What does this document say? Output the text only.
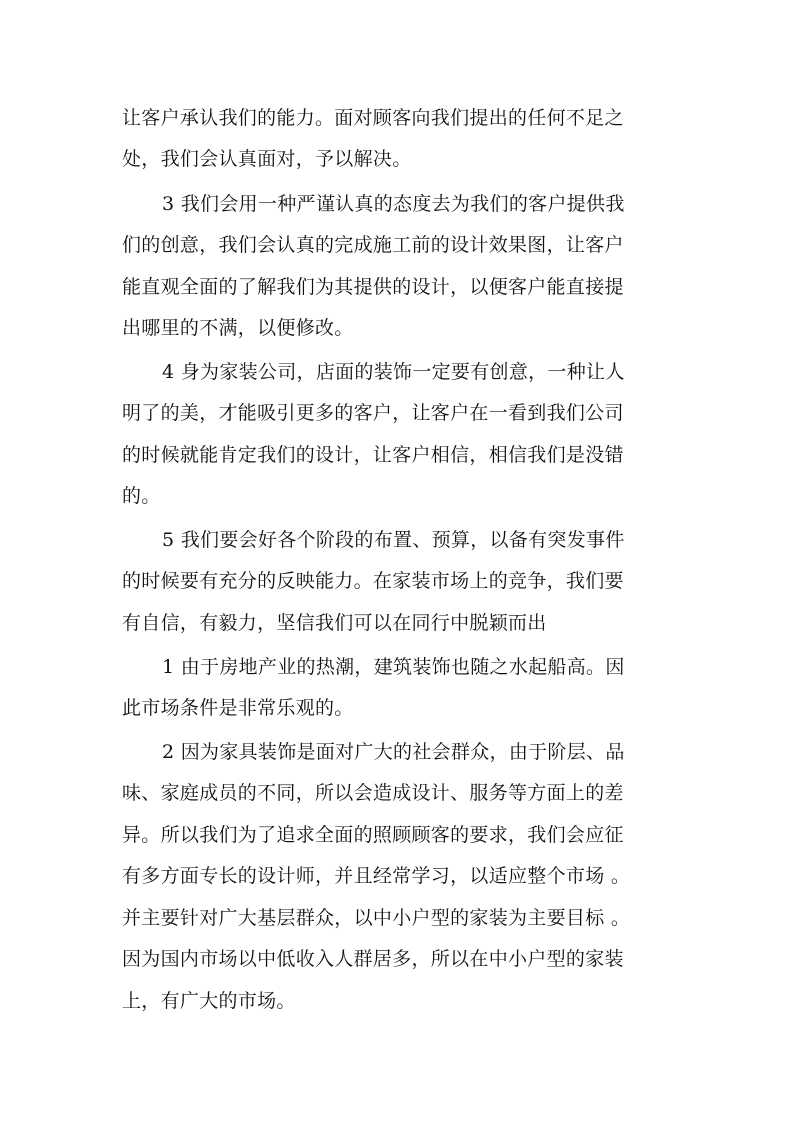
让客户承认我们的能力。面对顾客向我们提出的任何不足之
处，我们会认真面对，予以解决。
3 我们会用一种严谨认真的态度去为我们的客户提供我
们的创意，我们会认真的完成施工前的设计效果图，让客户
能直观全面的了解我们为其提供的设计，以便客户能直接提
出哪里的不满，以便修改。
4 身为家装公司，店面的装饰一定要有创意，一种让人
明了的美，才能吸引更多的客户，让客户在一看到我们公司
的时候就能肯定我们的设计，让客户相信，相信我们是没错
的。
5 我们要会好各个阶段的布置、预算，以备有突发事件
的时候要有充分的反映能力。在家装市场上的竞争，我们要
有自信，有毅力，坚信我们可以在同行中脱颖而出
1 由于房地产业的热潮，建筑装饰也随之水起船高。因
此市场条件是非常乐观的。
2 因为家具装饰是面对广大的社会群众，由于阶层、品
味、家庭成员的不同，所以会造成设计、服务等方面上的差
异。所以我们为了追求全面的照顾顾客的要求，我们会应征
有多方面专长的设计师，并且经常学习，以适应整个市场 。
并主要针对广大基层群众，以中小户型的家装为主要目标 。
因为国内市场以中低收入人群居多，所以在中小户型的家装
上，有广大的市场。
